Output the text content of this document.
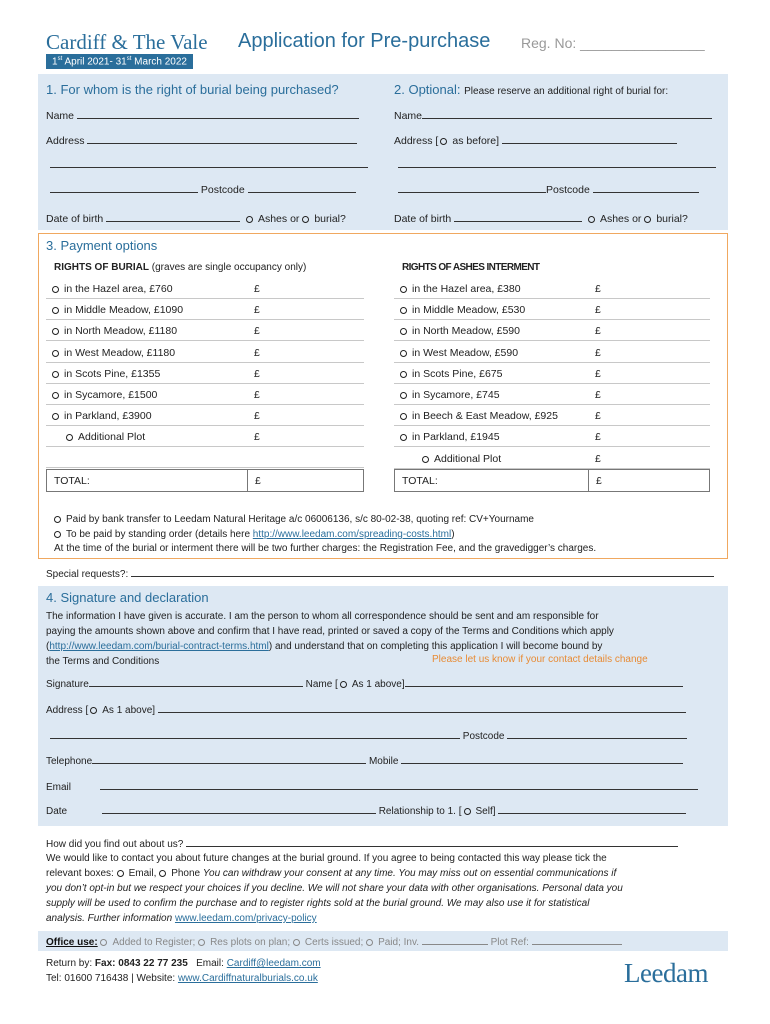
Cardiff & The Vale Application for Pre-purchase Reg. No: ________________
1st April 2021- 31st March 2022
1. For whom is the right of burial being purchased?	2. Optional: Please reserve an additional right of burial for:
Name
Address
Postcode
Date of birth	Ashes or burial?
Name
Address [ as before]
Postcode
Date of birth	Ashes or burial?
3. Payment options
RIGHTS OF BURIAL (graves are single occupancy only)	RIGHTS OF ASHES INTERMENT
in the Hazel area, £760	£
in Middle Meadow, £1090	£
in North Meadow, £1180	£
in West Meadow, £1180	£
in Scots Pine, £1355	£
in Sycamore, £1500	£
in Parkland, £3900	£
Additional Plot	£
in the Hazel area, £380	£
in Middle Meadow, £530	£
in North Meadow, £590	£
in West Meadow, £590	£
in Scots Pine, £675	£
in Sycamore, £745	£
in Beech & East Meadow, £925	£
in Parkland, £1945	£
Additional Plot	£
TOTAL:	£	TOTAL:	£
Paid by bank transfer to Leedam Natural Heritage a/c 06006136, s/c 80-02-38, quoting ref: CV+Yourname
To be paid by standing order (details here http://www.leedam.com/spreading-costs.html)
At the time of the burial or interment there will be two further charges: the Registration Fee, and the gravedigger’s charges.
Special requests?:
4. Signature and declaration
The information I have given is accurate. I am the person to whom all correspondence should be sent and am responsible for
paying the amounts shown above and confirm that I have read, printed or saved a copy of the Terms and Conditions which apply
(http://www.leedam.com/burial-contract-terms.html) and understand that on completing this application I will become bound by
the Terms and Conditions	Please let us know if your contact details change
Signature	Name [ As 1 above]
Address [ As 1 above]
Postcode
Telephone	Mobile
Email
Date	Relationship to 1. [ Self]
How did you find out about us?
We would like to contact you about future changes at the burial ground. If you agree to being contacted this way please tick the
relevant boxes: Email, Phone You can withdraw your consent at any time. You may miss out on essential communications if
you don’t opt-in but we respect your choices if you decline. We will not share your data with other organisations. Personal data you
supply will be used to confirm the purchase and to register rights sold at the burial ground. We may also use it for statistical
analysis. Further information www.leedam.com/privacy-policy
Office use: Added to Register; Res plots on plan; Certs issued; Paid; Inv.	Plot Ref:
Return by: Fax: 0843 22 77 235 Email: Cardiff@leedam.com
Tel: 01600 716438 | Website: www.Cardiffnaturalburials.co.uk	Leedam
